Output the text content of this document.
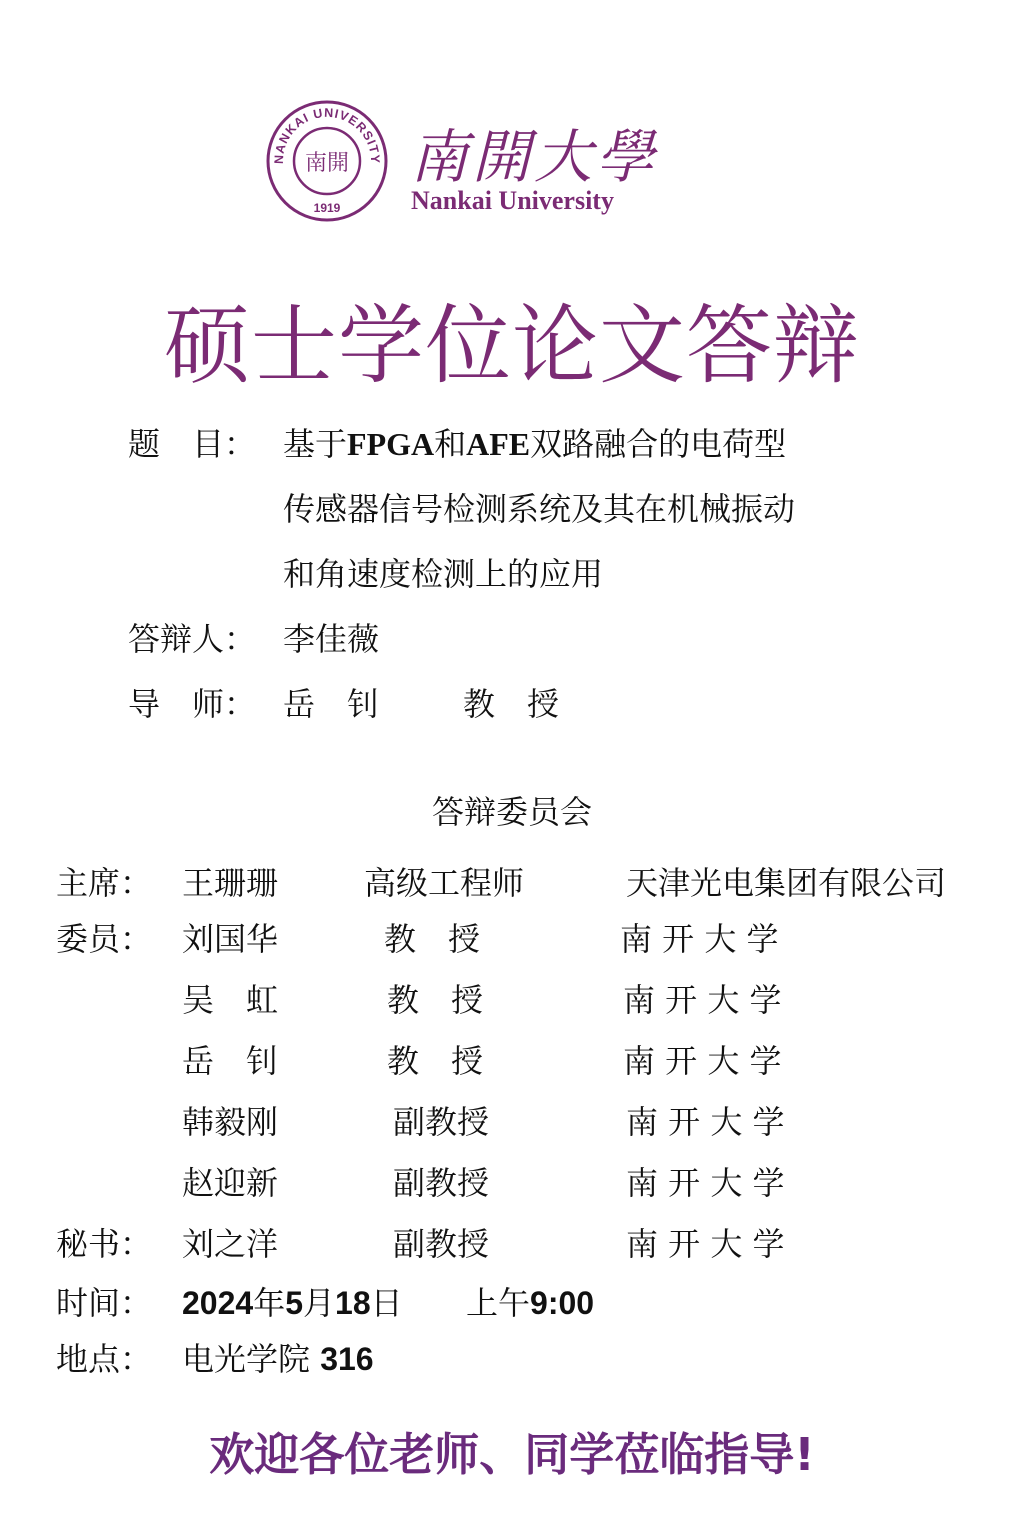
NANKAI UNIVERSITY
南開
1919
南開大學
Nankai University
硕士学位论文答辩
题　目： 基于FPGA和AFE双路融合的电荷型
传感器信号检测系统及其在机械振动
和角速度检测上的应用
答辩人： 李佳薇
导　师： 岳　钊	教　授
答辩委员会
主席： 王珊珊	高级工程师	天津光电集团有限公司
委员： 刘国华	教　授	南 开 大 学
吴　虹	教　授	南 开 大 学
岳　钊	教　授	南 开 大 学
韩毅刚	副教授	南 开 大 学
赵迎新	副教授	南 开 大 学
秘书： 刘之洋	副教授	南 开 大 学
时间： 2024年5月18日 上午9:00
地点： 电光学院 316
欢迎各位老师、同学莅临指导!
